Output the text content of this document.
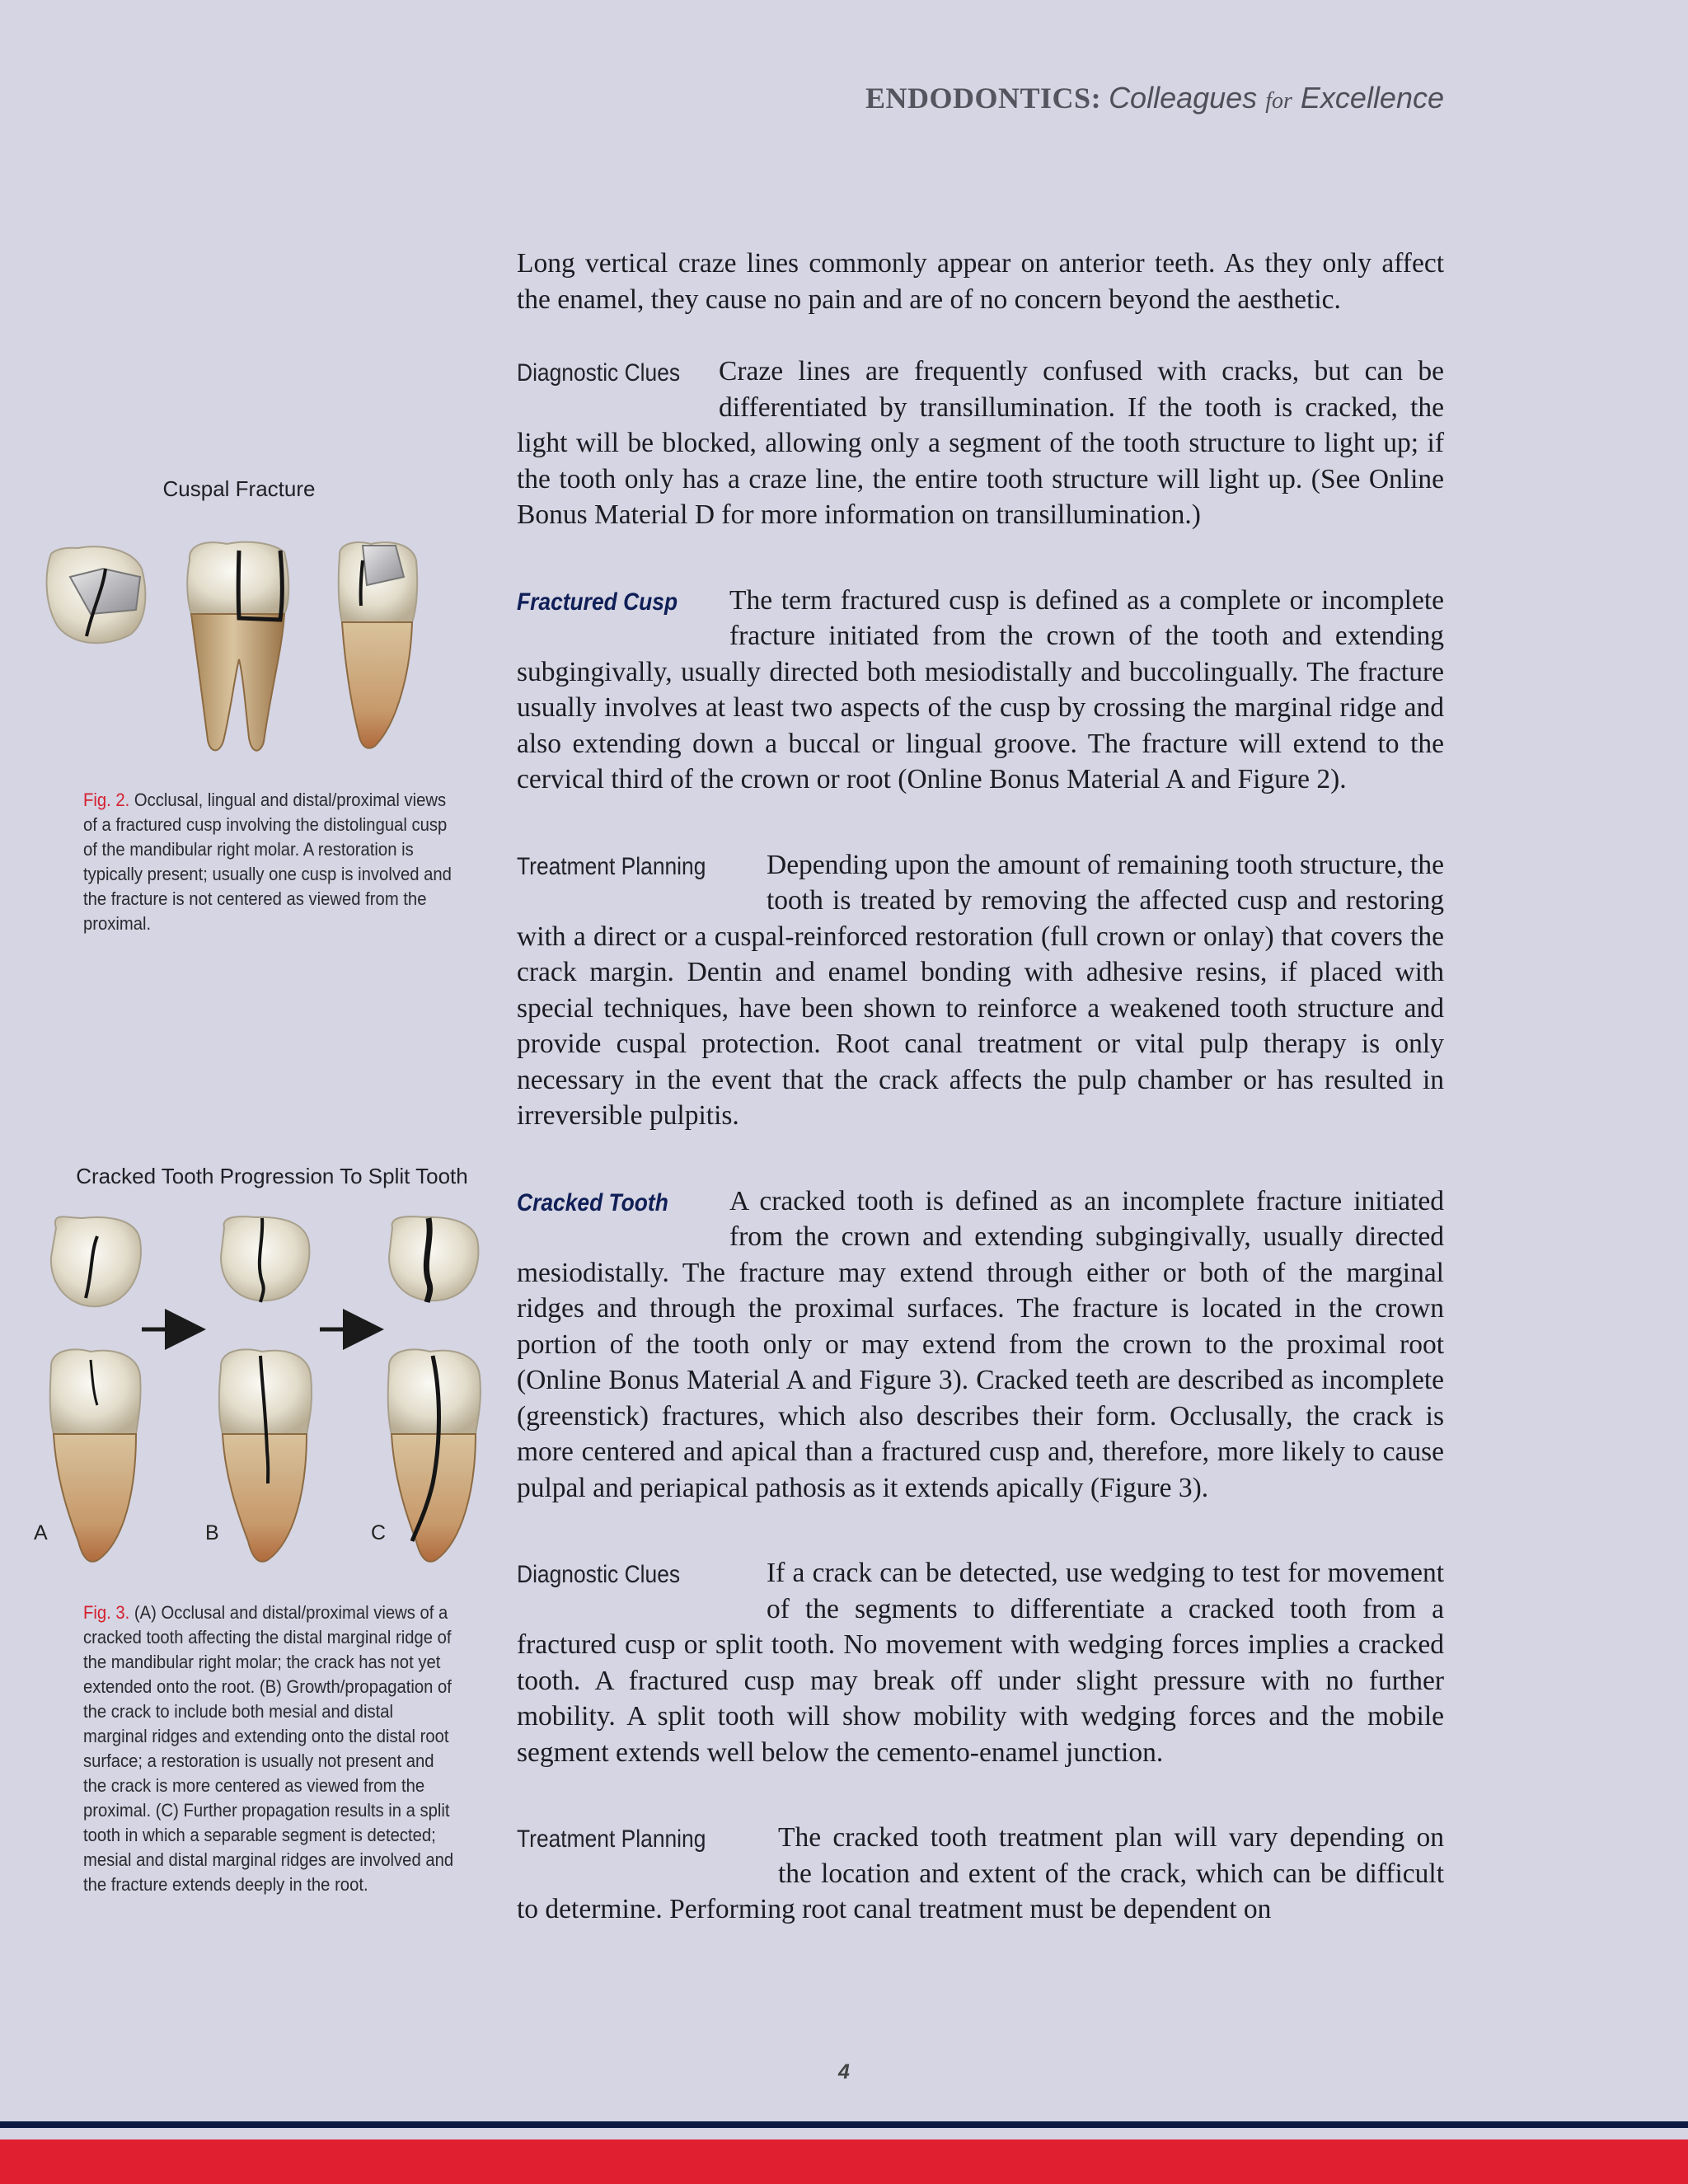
ENDODONTICS: Colleagues for Excellence

Long vertical craze lines commonly appear on anterior teeth. As they only affect the enamel, they cause no pain and are of no concern beyond the aesthetic.

Diagnostic Clues	Craze lines are frequently confused with cracks, but can be differentiated by transillumination. If the tooth is cracked, the light will be blocked, allowing only a segment of the tooth structure to light up; if the tooth only has a craze line, the entire tooth structure will light up. (See Online Bonus Material D for more information on transillumination.)
Fractured Cusp	The term fractured cusp is defined as a complete or incomplete fracture initiated from the crown of the tooth and extending subgingivally, usually directed both mesiodistally and buccolingually. The fracture usually involves at least two aspects of the cusp by crossing the marginal ridge and also extending down a buccal or lingual groove. The fracture will extend to the cervical third of the crown or root (Online Bonus Material A and Figure 2).
Treatment Planning	Depending upon the amount of remaining tooth structure, the tooth is treated by removing the affected cusp and restoring with a direct or a cuspal-reinforced restoration (full crown or onlay) that covers the crack margin. Dentin and enamel bonding with adhesive resins, if placed with special techniques, have been shown to reinforce a weakened tooth structure and provide cuspal protection. Root canal treatment or vital pulp therapy is only necessary in the event that the crack affects the pulp chamber or has resulted in irreversible pulpitis.
Cracked Tooth	A cracked tooth is defined as an incomplete fracture initiated from the crown and extending subgingivally, usually directed mesiodistally. The fracture may extend through either or both of the marginal ridges and through the proximal surfaces. The fracture is located in the crown portion of the tooth only or may extend from the crown to the proximal root (Online Bonus Material A and Figure 3). Cracked teeth are described as incomplete (greenstick) fractures, which also describes their form. Occlusally, the crack is more centered and apical than a fractured cusp and, therefore, more likely to cause pulpal and periapical pathosis as it extends apically (Figure 3).
Diagnostic Clues	If a crack can be detected, use wedging to test for movement of the segments to differentiate a cracked tooth from a fractured cusp or split tooth. No movement with wedging forces implies a cracked tooth. A fractured cusp may break off under slight pressure with no further mobility. A split tooth will show mobility with wedging forces and the mobile segment extends well below the cemento-enamel junction.
Treatment Planning	The cracked tooth treatment plan will vary depending on the location and extent of the crack, which can be difficult to determine. Performing root canal treatment must be dependent on
Cuspal Fracture

Fig. 2. Occlusal, lingual and distal/proximal views of a fractured cusp involving the distolingual cusp of the mandibular right molar. A restoration is typically present; usually one cusp is involved and the fracture is not centered as viewed from the proximal.

Cracked Tooth Progression To Split Tooth
A	B	C

Fig. 3. (A) Occlusal and distal/proximal views of a cracked tooth affecting the distal marginal ridge of the mandibular right molar; the crack has not yet extended onto the root. (B) Growth/propagation of the crack to include both mesial and distal marginal ridges and extending onto the distal root surface; a restoration is usually not present and the crack is more centered as viewed from the proximal. (C) Further propagation results in a split tooth in which a separable segment is detected; mesial and distal marginal ridges are involved and the fracture extends deeply in the root.

4
